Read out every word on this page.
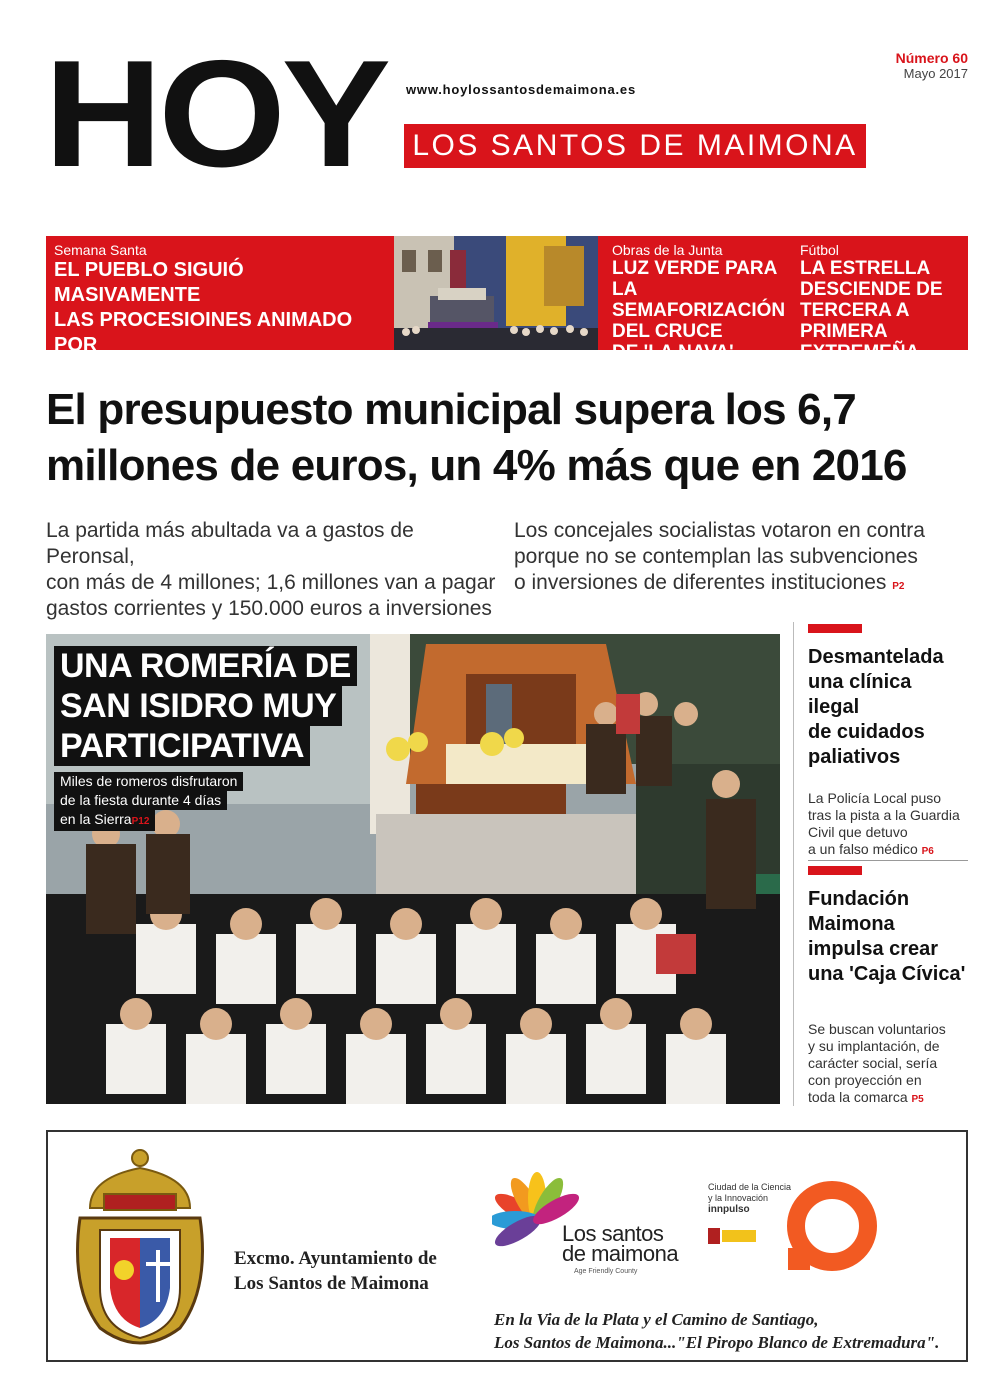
HOY www.hoylossantosdemaimona.es
LOS SANTOS DE MAIMONA
Número 60
Mayo 2017
Semana Santa
EL PUEBLO SIGUIÓ MASIVAMENTE
LAS PROCESIOINES ANIMADO POR
EL FERVOR Y EL BUEN TIEMPO P8-9
Obras de la Junta
LUZ VERDE PARA
LA SEMAFORIZACIÓN
DEL CRUCE
DE 'LA NAVA' P3
Fútbol
LA ESTRELLA
DESCIENDE DE
TERCERA A PRIMERA
EXTREMEÑA P15
El presupuesto municipal supera los 6,7
millones de euros, un 4% más que en 2016
La partida más abultada va a gastos de Peronsal,
con más de 4 millones; 1,6 millones van a pagar
gastos corrientes y 150.000 euros a inversiones
Los concejales socialistas votaron en contra
porque no se contemplan las subvenciones
o inversiones de diferentes instituciones P2
UNA ROMERÍA DE
SAN ISIDRO MUY
PARTICIPATIVA
Miles de romeros disfrutaron
de la fiesta durante 4 días
en la SierraP12
Desmantelada
una clínica ilegal
de cuidados
paliativos
La Policía Local puso
tras la pista a la Guardia
Civil que detuvo
a un falso médico P6
Fundación
Maimona
impulsa crear
una 'Caja Cívica'
Se buscan voluntarios
y su implantación, de
carácter social, sería
con proyección en
toda la comarca P5
Excmo. Ayuntamiento de
Los Santos de Maimona
Los santos
de maimona
Age Friendly County
Ciudad de la Ciencia
y la Innovación
innpulso
En la Via de la Plata y el Camino de Santiago,
Los Santos de Maimona..."El Piropo Blanco de Extremadura".
